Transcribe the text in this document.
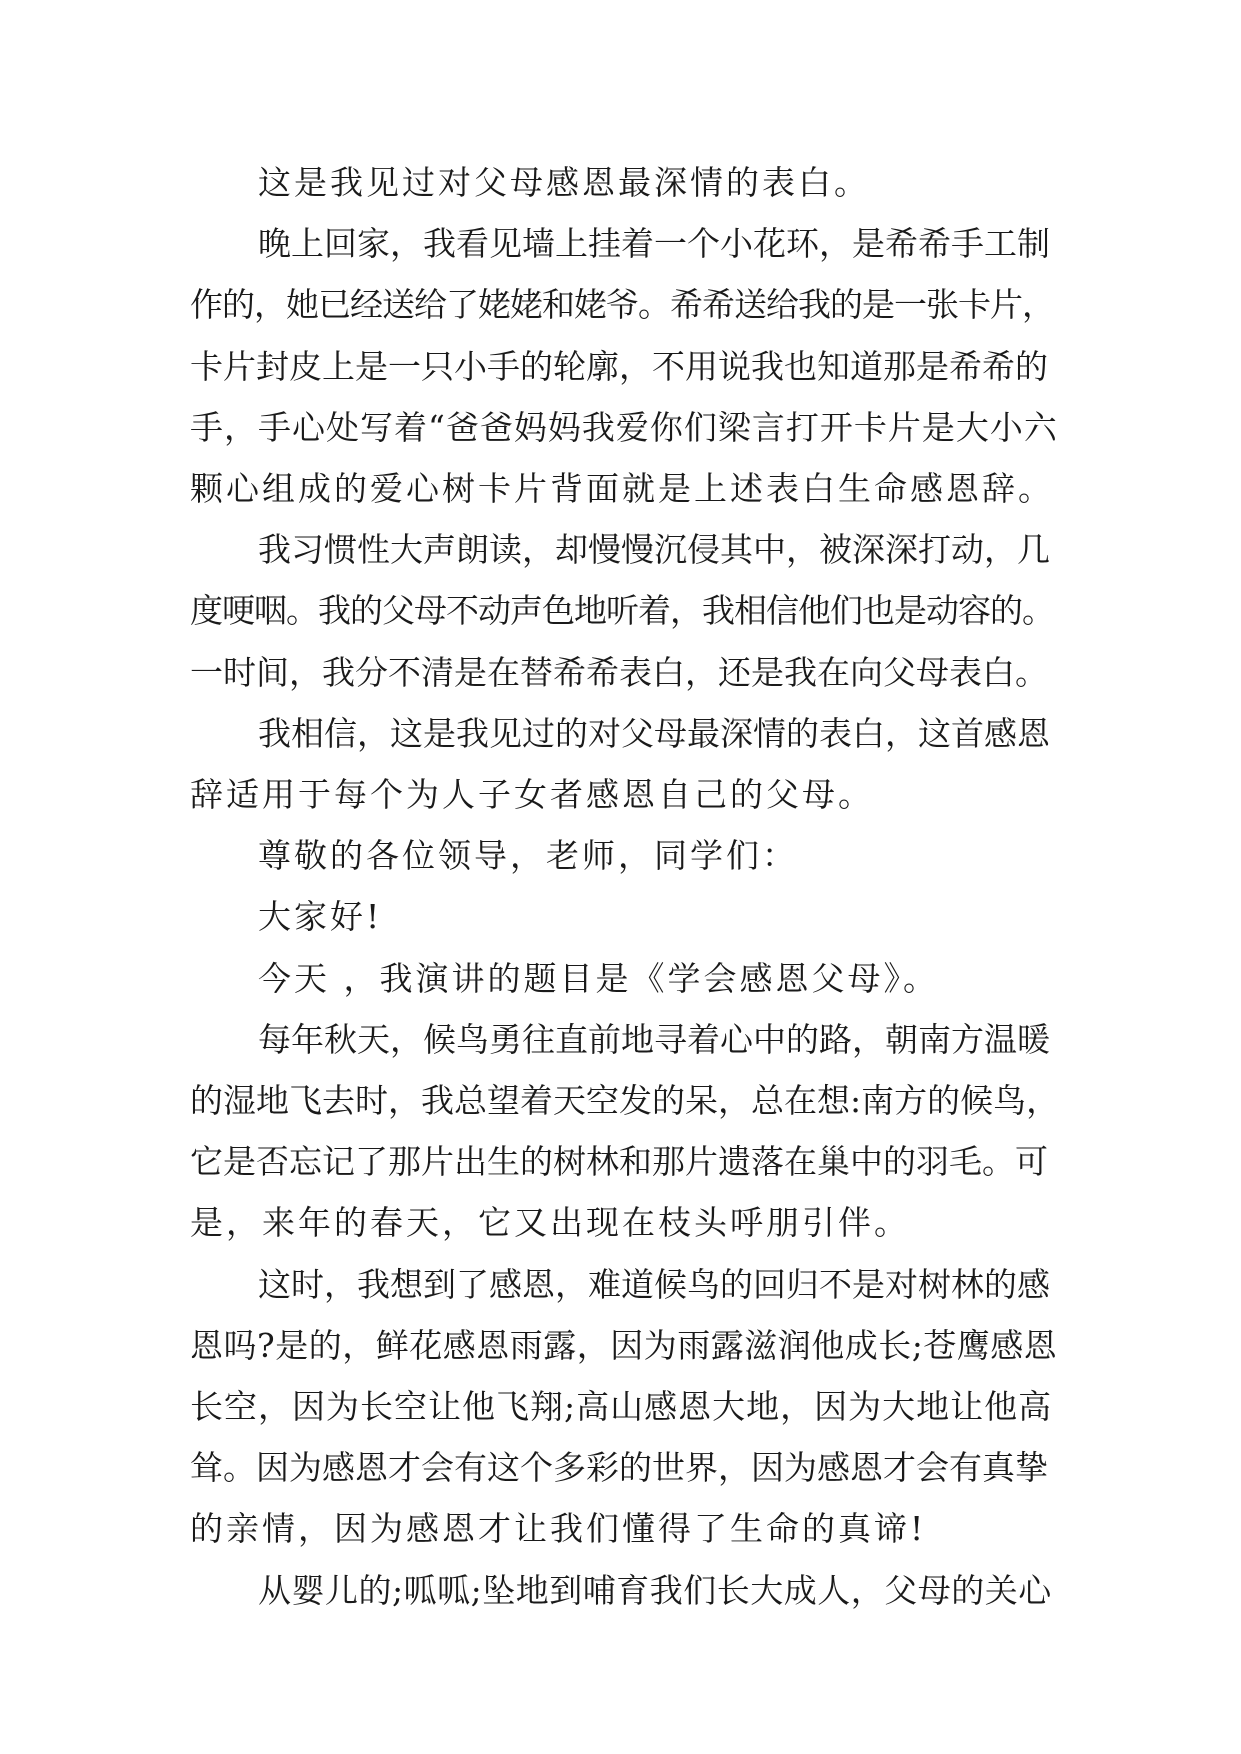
这是我见过对父母感恩最深情的表白。

晚上回家，我看见墙上挂着一个小花环，是希希手工制
作的，她已经送给了姥姥和姥爷。希希送给我的是一张卡片，
卡片封皮上是一只小手的轮廓，不用说我也知道那是希希的
手，手心处写着“爸爸妈妈我爱你们梁言打开卡片是大小六
颗心组成的爱心树卡片背面就是上述表白生命感恩辞。

我习惯性大声朗读，却慢慢沉侵其中，被深深打动，几
度哽咽。我的父母不动声色地听着，我相信他们也是动容的。
一时间，我分不清是在替希希表白，还是我在向父母表白。

我相信，这是我见过的对父母最深情的表白，这首感恩
辞适用于每个为人子女者感恩自己的父母。

尊敬的各位领导，老师，同学们：

大家好!

今天 ，我演讲的题目是《学会感恩父母》。

每年秋天，候鸟勇往直前地寻着心中的路，朝南方温暖
的湿地飞去时，我总望着天空发的呆，总在想:南方的候鸟，
它是否忘记了那片出生的树林和那片遗落在巢中的羽毛。可
是，来年的春天，它又出现在枝头呼朋引伴。

这时，我想到了感恩，难道候鸟的回归不是对树林的感
恩吗?是的，鲜花感恩雨露，因为雨露滋润他成长;苍鹰感恩
长空，因为长空让他飞翔;高山感恩大地，因为大地让他高
耸。因为感恩才会有这个多彩的世界，因为感恩才会有真挚
的亲情，因为感恩才让我们懂得了生命的真谛!

从婴儿的;呱呱;坠地到哺育我们长大成人，父母的关心
